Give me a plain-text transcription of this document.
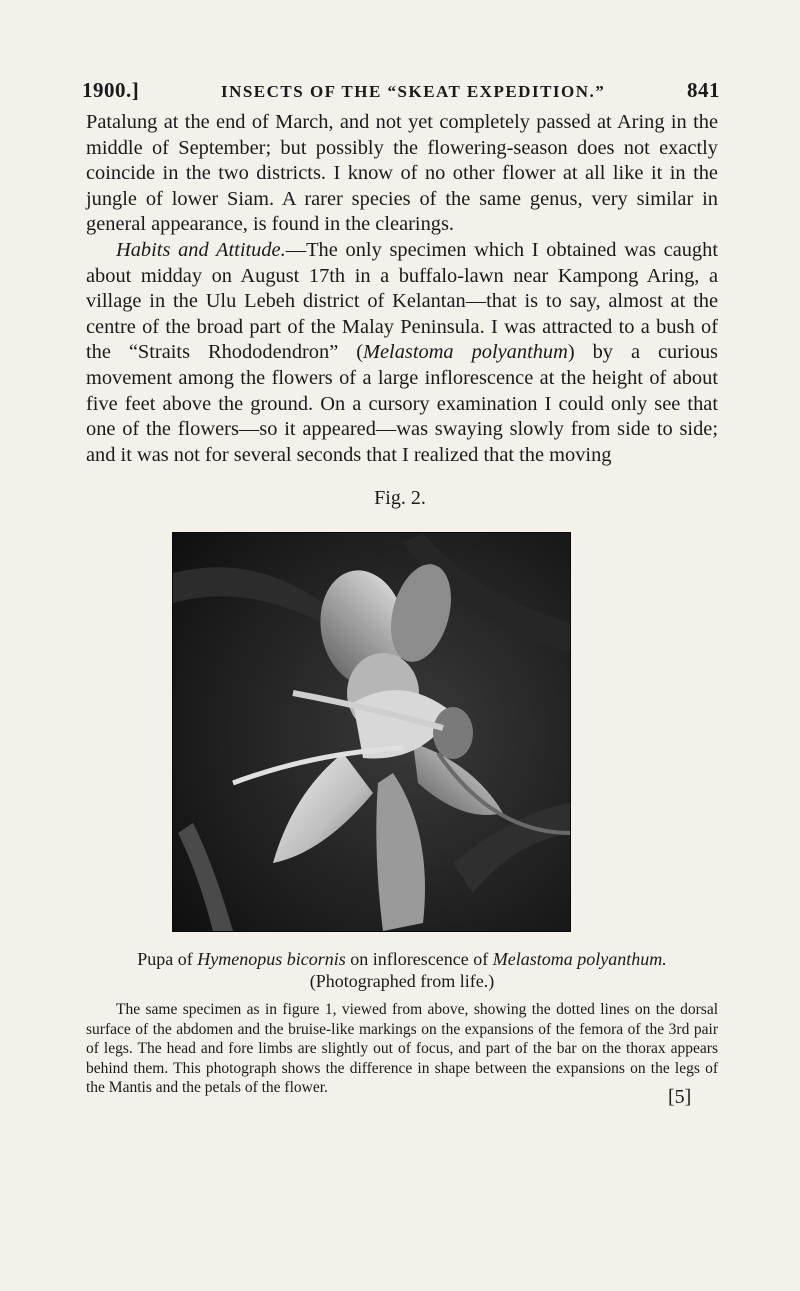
1900.]	INSECTS OF THE “SKEAT EXPEDITION.”	841

Patalung at the end of March, and not yet completely passed at Aring in the middle of September; but possibly the flowering-season does not exactly coincide in the two districts. I know of no other flower at all like it in the jungle of lower Siam. A rarer species of the same genus, very similar in general appearance, is found in the clearings.

Habits and Attitude.—The only specimen which I obtained was caught about midday on August 17th in a buffalo-lawn near Kampong Aring, a village in the Ulu Lebeh district of Kelantan—that is to say, almost at the centre of the broad part of the Malay Peninsula. I was attracted to a bush of the “Straits Rhododendron” (Melastoma polyanthum) by a curious movement among the flowers of a large inflorescence at the height of about five feet above the ground. On a cursory examination I could only see that one of the flowers—so it appeared—was swaying slowly from side to side; and it was not for several seconds that I realized that the moving

Fig. 2.
Pupa of Hymenopus bicornis on inflorescence of Melastoma polyanthum.
(Photographed from life.)
The same specimen as in figure 1, viewed from above, showing the dotted lines on the dorsal surface of the abdomen and the bruise-like markings on the expansions of the femora of the 3rd pair of legs. The head and fore limbs are slightly out of focus, and part of the bar on the thorax appears behind them. This photograph shows the difference in shape between the expansions on the legs of the Mantis and the petals of the flower.	[5]
